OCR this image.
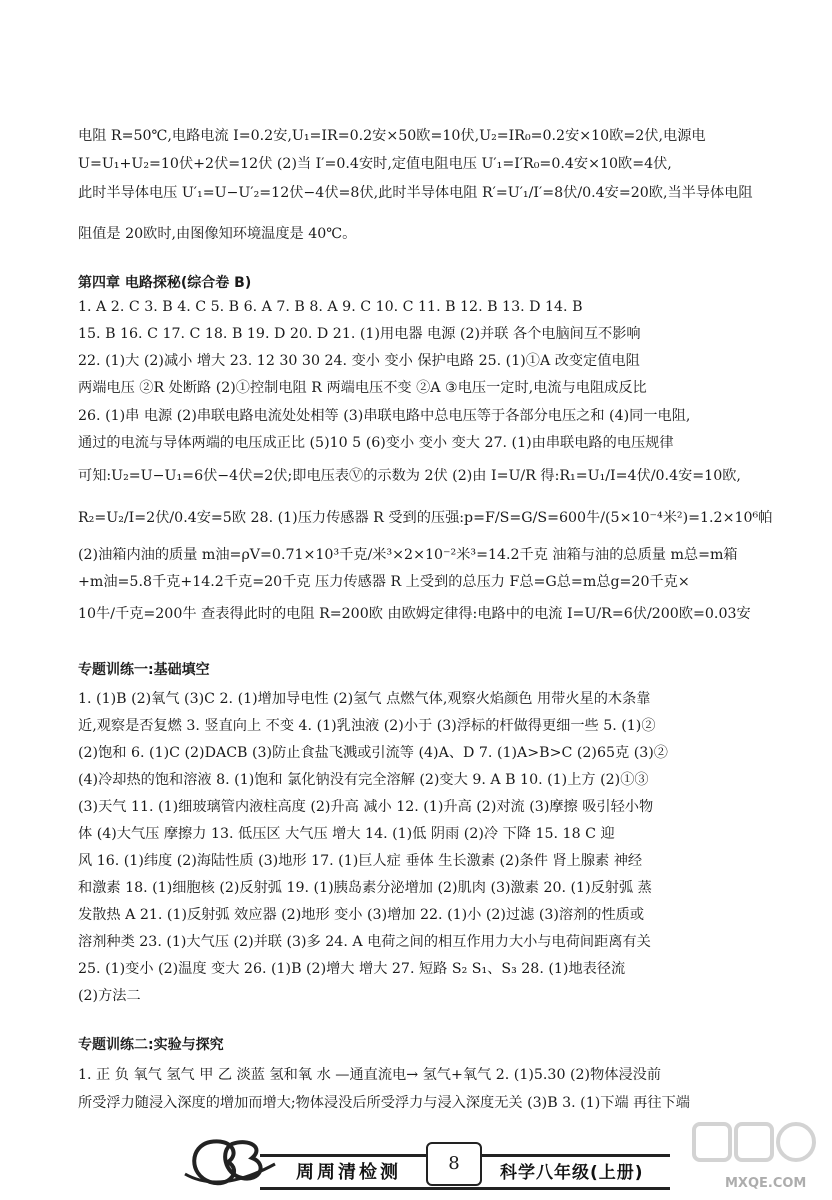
电阻 R=50℃,电路电流 I=0.2安,U₁=IR=0.2安×50欧=10伏,U₂=IR₀=0.2安×10欧=2伏,电源电
U=U₁+U₂=10伏+2伏=12伏 (2)当 I′=0.4安时,定值电阻电压 U′₁=I′R₀=0.4安×10欧=4伏,
此时半导体电压 U′₁=U−U′₂=12伏−4伏=8伏,此时半导体电阻 R′=U′₁/I′=8伏/0.4安=20欧,当半导体电阻
阻值是 20欧时,由图像知环境温度是 40℃。
第四章 电路探秘(综合卷 B)
1. A 2. C 3. B 4. C 5. B 6. A 7. B 8. A 9. C 10. C 11. B 12. B 13. D 14. B
15. B 16. C 17. C 18. B 19. D 20. D 21. (1)用电器 电源 (2)并联 各个电脑间互不影响
22. (1)大 (2)减小 增大 23. 12 30 30 24. 变小 变小 保护电路 25. (1)①A 改变定值电阻
两端电压 ②R 处断路 (2)①控制电阻 R 两端电压不变 ②A ③电压一定时,电流与电阻成反比
26. (1)串 电源 (2)串联电路电流处处相等 (3)串联电路中总电压等于各部分电压之和 (4)同一电阻,
通过的电流与导体两端的电压成正比 (5)10 5 (6)变小 变小 变大 27. (1)由串联电路的电压规律
可知:U₂=U−U₁=6伏−4伏=2伏;即电压表Ⓥ的示数为 2伏 (2)由 I=U/R 得:R₁=U₁/I=4伏/0.4安=10欧,
R₂=U₂/I=2伏/0.4安=5欧 28. (1)压力传感器 R 受到的压强:p=F/S=G/S=600牛/(5×10⁻⁴米²)=1.2×10⁶帕
(2)油箱内油的质量 m油=ρV=0.71×10³千克/米³×2×10⁻²米³=14.2千克 油箱与油的总质量 m总=m箱
+m油=5.8千克+14.2千克=20千克 压力传感器 R 上受到的总压力 F总=G总=m总g=20千克×
10牛/千克=200牛 查表得此时的电阻 R=200欧 由欧姆定律得:电路中的电流 I=U/R=6伏/200欧=0.03安
专题训练一:基础填空
1. (1)B (2)氧气 (3)C 2. (1)增加导电性 (2)氢气 点燃气体,观察火焰颜色 用带火星的木条靠
近,观察是否复燃 3. 竖直向上 不变 4. (1)乳浊液 (2)小于 (3)浮标的杆做得更细一些 5. (1)②
(2)饱和 6. (1)C (2)DACB (3)防止食盐飞溅或引流等 (4)A、D 7. (1)A>B>C (2)65克 (3)②
(4)冷却热的饱和溶液 8. (1)饱和 氯化钠没有完全溶解 (2)变大 9. A B 10. (1)上方 (2)①③
(3)天气 11. (1)细玻璃管内液柱高度 (2)升高 减小 12. (1)升高 (2)对流 (3)摩擦 吸引轻小物
体 (4)大气压 摩擦力 13. 低压区 大气压 增大 14. (1)低 阴雨 (2)冷 下降 15. 18 C 迎
风 16. (1)纬度 (2)海陆性质 (3)地形 17. (1)巨人症 垂体 生长激素 (2)条件 肾上腺素 神经
和激素 18. (1)细胞核 (2)反射弧 19. (1)胰岛素分泌增加 (2)肌肉 (3)激素 20. (1)反射弧 蒸
发散热 A 21. (1)反射弧 效应器 (2)地形 变小 (3)增加 22. (1)小 (2)过滤 (3)溶剂的性质或
溶剂种类 23. (1)大气压 (2)并联 (3)多 24. A 电荷之间的相互作用力大小与电荷间距离有关
25. (1)变小 (2)温度 变大 26. (1)B (2)增大 增大 27. 短路 S₂ S₁、S₃ 28. (1)地表径流
(2)方法二
专题训练二:实验与探究
1. 正 负 氧气 氢气 甲 乙 淡蓝 氢和氧 水 —通直流电→ 氢气+氧气 2. (1)5.30 (2)物体浸没前
所受浮力随浸入深度的增加而增大;物体浸没后所受浮力与浸入深度无关 (3)B 3. (1)下端 再往下端
周周清检测	8	科学八年级(上册)
MXQE.COM
